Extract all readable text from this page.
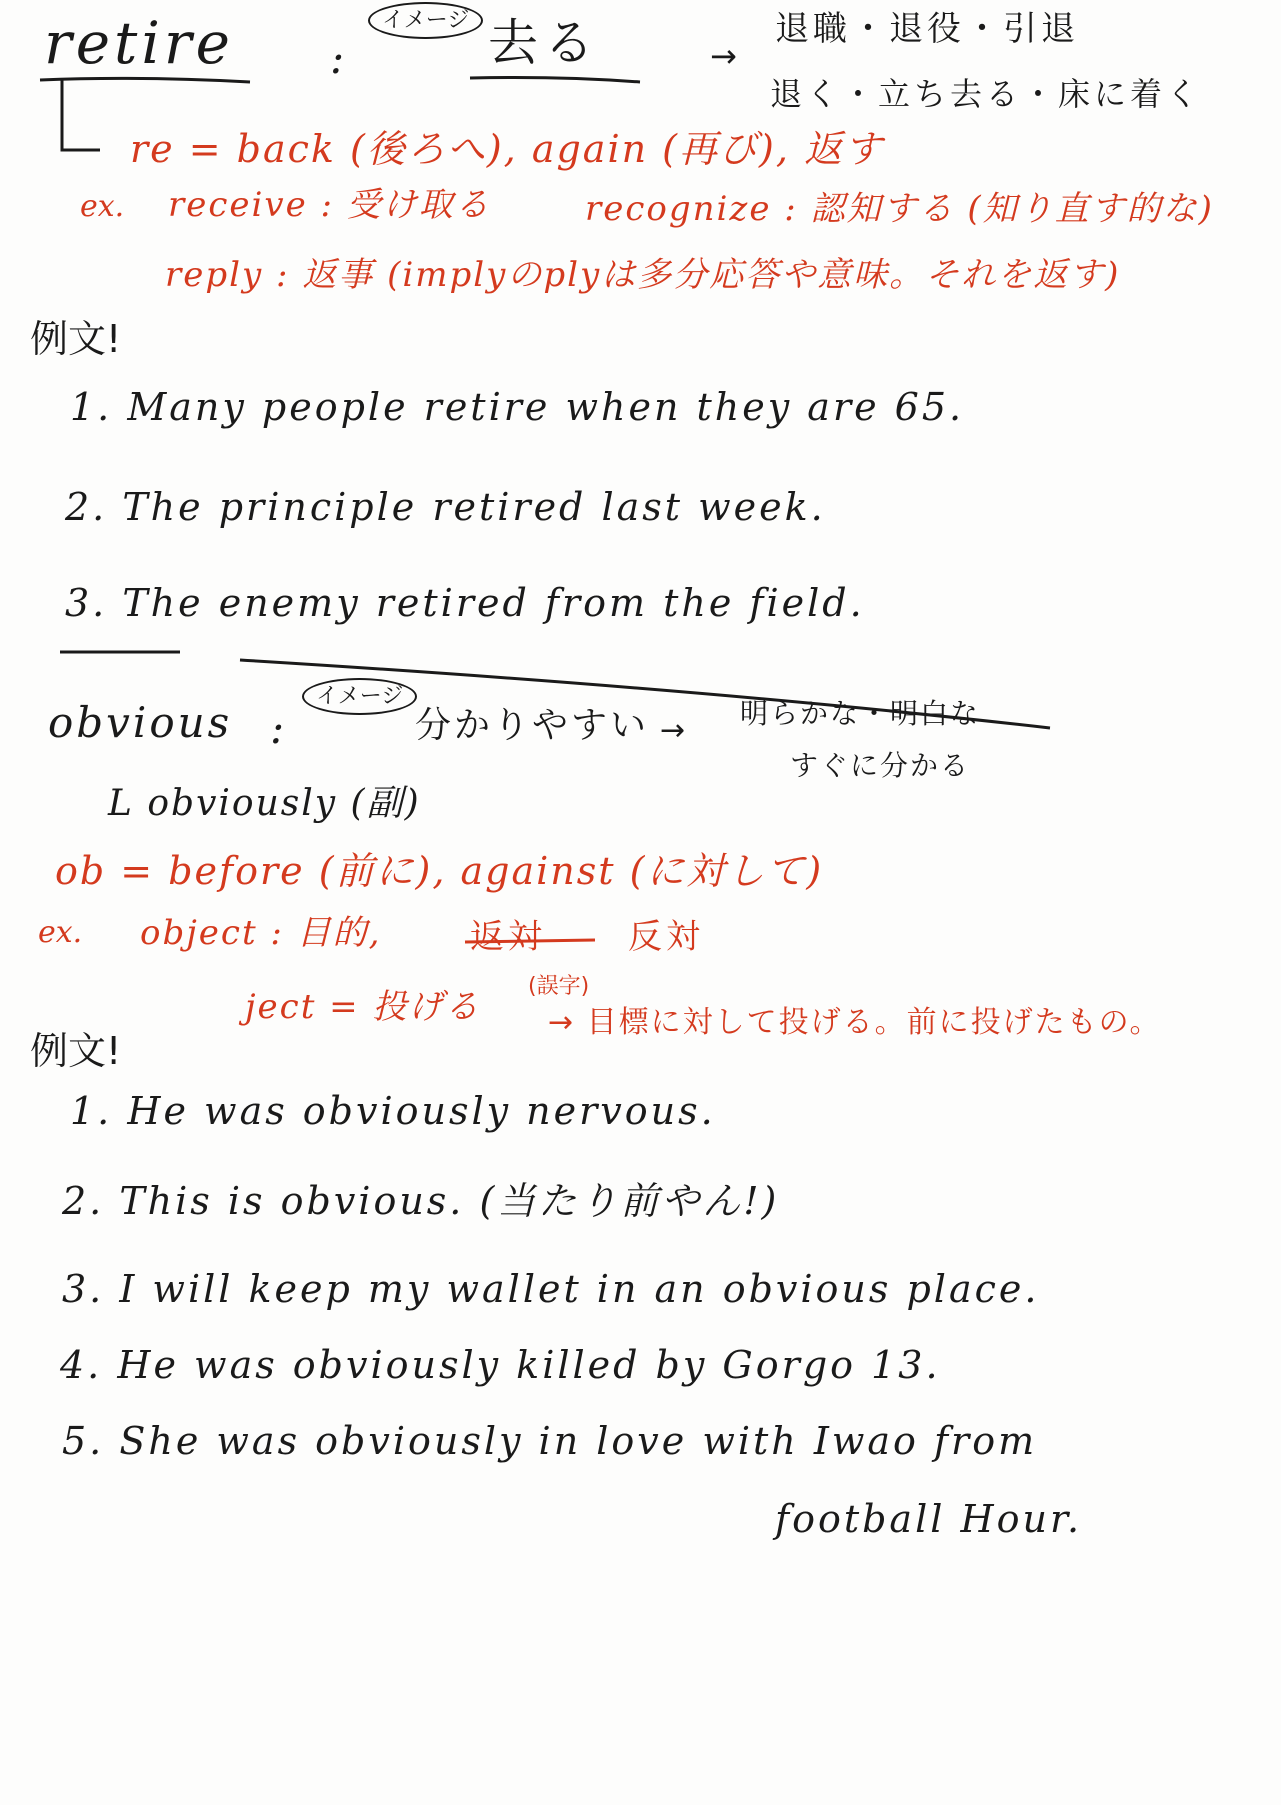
retire :
イメージ 去る	→
退職・退役・引退
退く・立ち去る・床に着く
re = back (後ろへ), again (再び), 返す
ex. receive : 受け取る	recognize : 認知する (知り直す的な)
reply : 返事 (implyのplyは多分応答や意味。それを返す)
例文!
1. Many people retire when they are 65.
2. The principle retired last week.
3. The enemy retired from the field.
obvious :
イメージ
分かりやすい → 明らかな・明白な
すぐに分かる
L obviously (副)
ob = before (前に), against (に対して)
ex. object : 目的,	返対 反対
ject = 投げる
(誤字)
→ 目標に対して投げる。前に投げたもの。
例文!
1. He was obviously nervous.
2. This is obvious. (当たり前やん!)
3. I will keep my wallet in an obvious place.
4. He was obviously killed by Gorgo 13.
5. She was obviously in love with Iwao from
football Hour.
